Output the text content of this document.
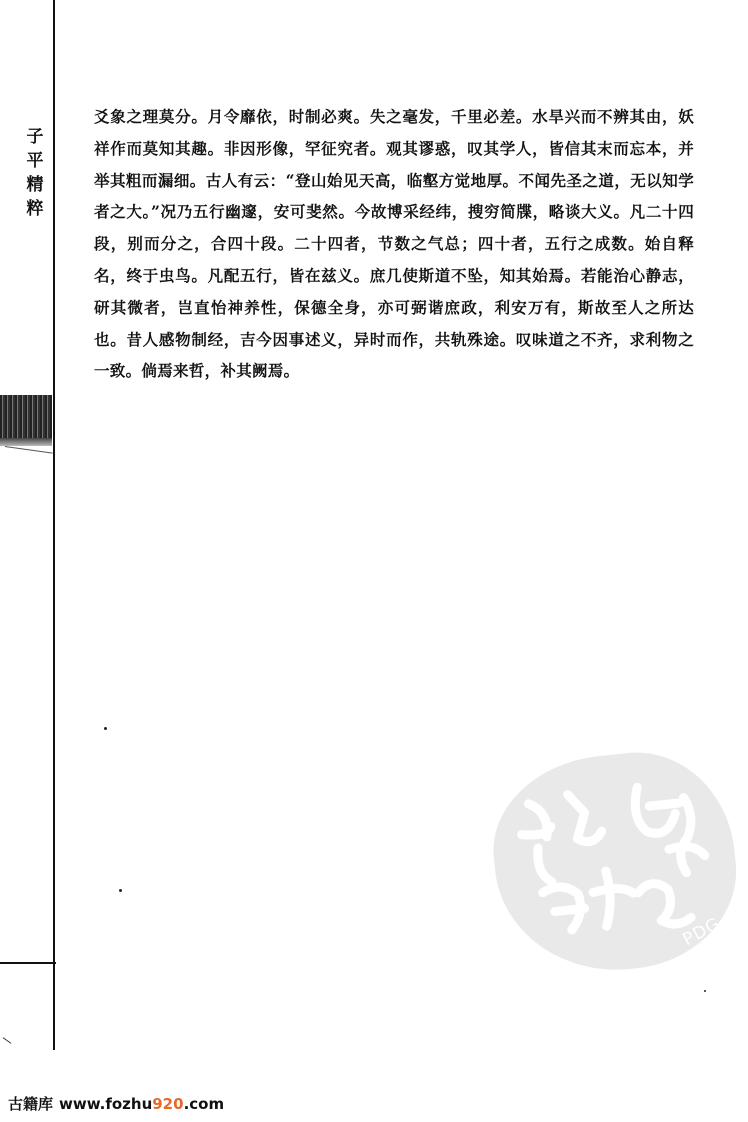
子平精粹
爻象之理莫分。月令靡依，时制必爽。失之毫发，千里必差。水旱兴而不辨其由，妖祥作而莫知其趣。非因形像，罕征究者。观其谬惑，叹其学人，皆信其末而忘本，并举其粗而漏细。古人有云：“登山始见天高，临壑方觉地厚。不闻先圣之道，无以知学者之大。”况乃五行幽邃，安可斐然。今故博采经纬，搜穷简牒，略谈大义。凡二十四段，别而分之，合四十段。二十四者，节数之气总；四十者，五行之成数。始自释名，终于虫鸟。凡配五行，皆在兹义。庶几使斯道不坠，知其始焉。若能治心静志，研其微者，岂直怡神养性，保德全身，亦可弼谐庶政，利安万有，斯故至人之所达也。昔人感物制经，吉今因事述义，异时而作，共轨殊途。叹味道之不齐，求利物之一致。倘焉来哲，补其阙焉。
PDG
古籍库 www.fozhu920.com
